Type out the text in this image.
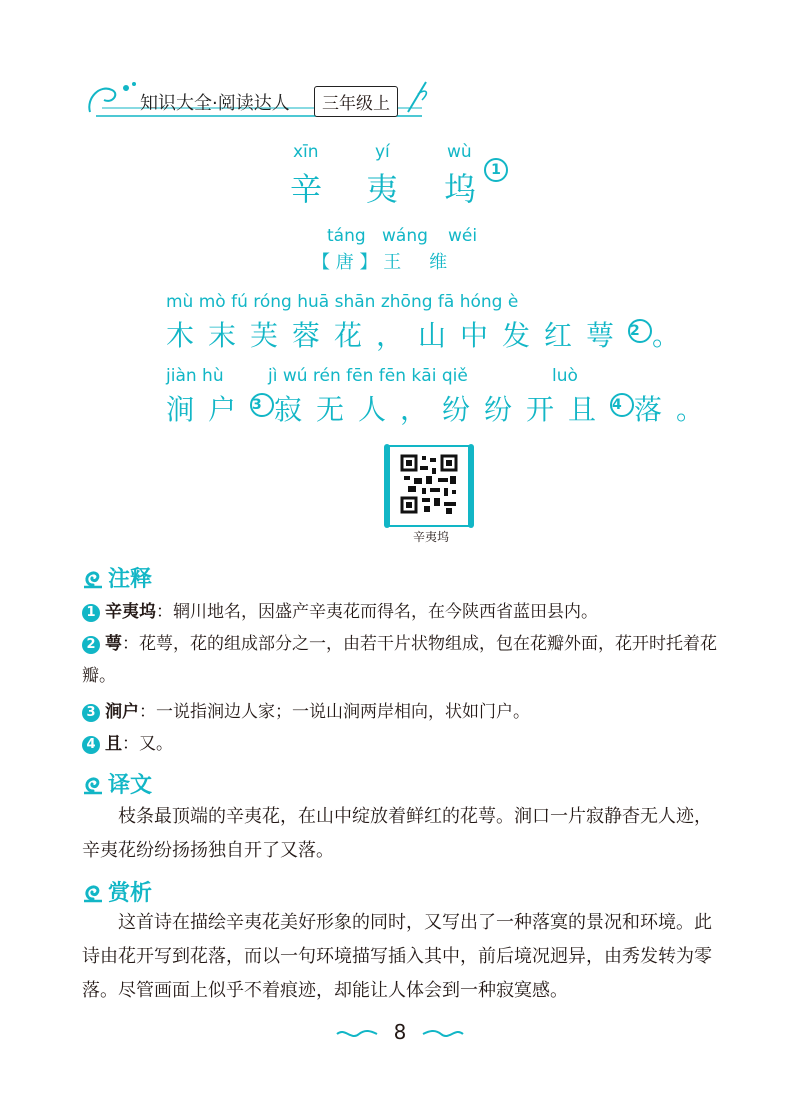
知识大全·阅读达人	三年级上
xīn	yí	wù
辛 夷 坞	1
táng wáng wéi
【 唐 】 王维
mù mò fú róng huā shān zhōng fā hóng è
木末芙蓉花，山中发红萼 2。
jiàn hù	jì wú rén fēn fēn kāi qiě	luò
涧户 3寂无人，纷纷开且 4落。
辛夷坞
注释
1 辛夷坞：辋川地名，因盛产辛夷花而得名，在今陕西省蓝田县内。
2 萼：花萼，花的组成部分之一，由若干片状物组成，包在花瓣外面，花开时托着花瓣。
3 涧户：一说指涧边人家；一说山涧两岸相向，状如门户。
4 且：又。
译文
枝条最顶端的辛夷花，在山中绽放着鲜红的花萼。涧口一片寂静杳无人迹，辛夷花纷纷扬扬独自开了又落。
赏析
这首诗在描绘辛夷花美好形象的同时，又写出了一种落寞的景况和环境。此诗由花开写到花落，而以一句环境描写插入其中，前后境况迥异，由秀发转为零落。尽管画面上似乎不着痕迹，却能让人体会到一种寂寞感。
8
